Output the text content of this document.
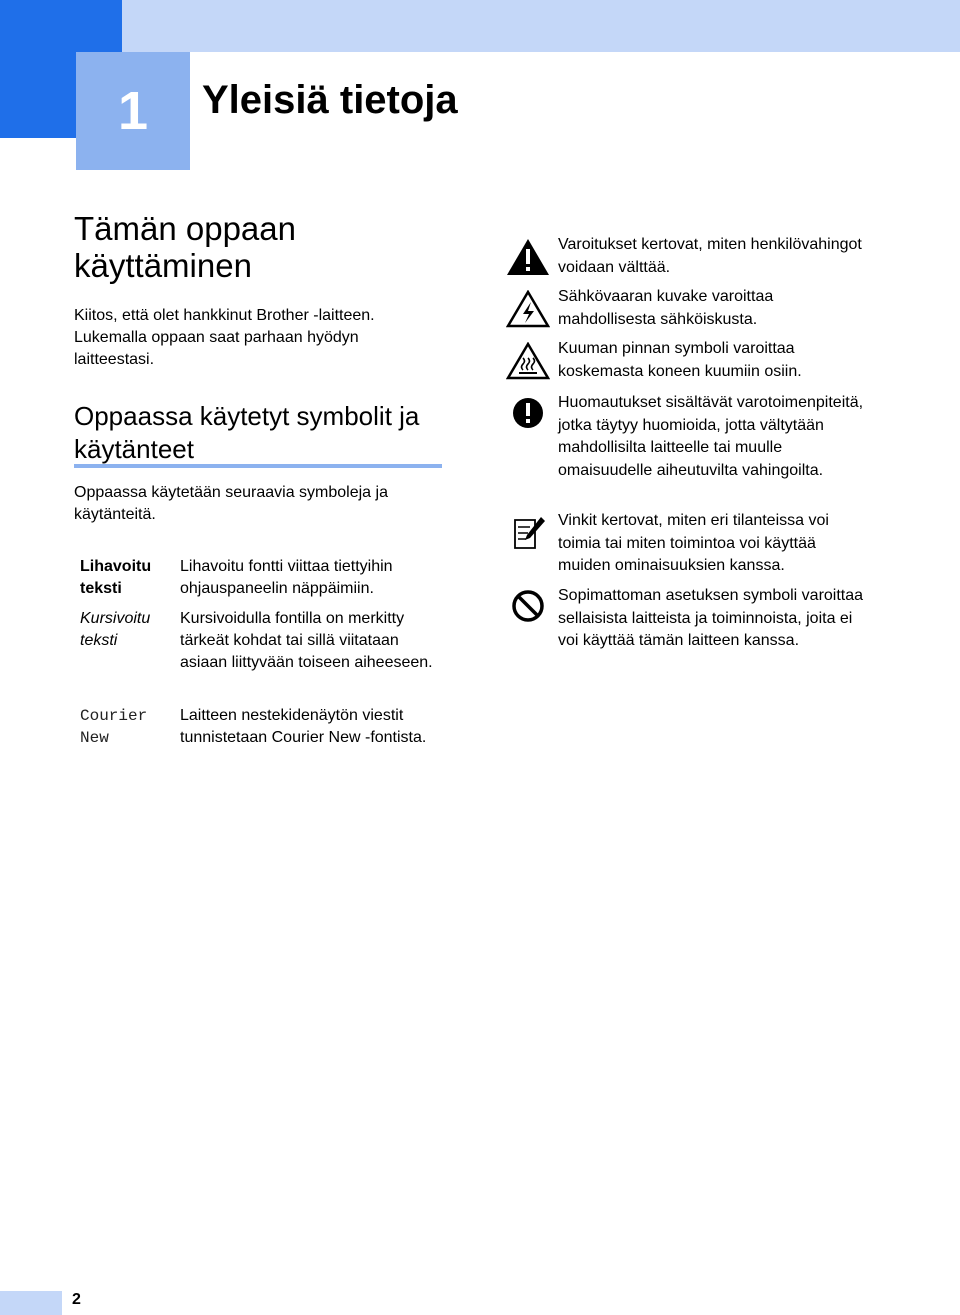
1 Yleisiä tietoja
Tämän oppaan käyttäminen

Kiitos, että olet hankkinut Brother -laitteen. Lukemalla oppaan saat parhaan hyödyn laitteestasi.

Oppaassa käytetyt symbolit ja käytänteet

Oppaassa käytetään seuraavia symboleja ja käytänteitä.

Lihavoitu teksti
Lihavoitu fontti viittaa tiettyihin ohjauspaneelin näppäimiin.
Kursivoitu teksti
Kursivoidulla fontilla on merkitty tärkeät kohdat tai sillä viitataan asiaan liittyvään toiseen aiheeseen.
Courier New
Laitteen nestekidenäytön viestit tunnistetaan Courier New -fontista.
Varoitukset kertovat, miten henkilövahingot voidaan välttää.
Sähkövaaran kuvake varoittaa mahdollisesta sähköiskusta.
Kuuman pinnan symboli varoittaa koskemasta koneen kuumiin osiin.
Huomautukset sisältävät varotoimenpiteitä, jotka täytyy huomioida, jotta vältytään mahdollisilta laitteelle tai muulle omaisuudelle aiheutuvilta vahingoilta.
Vinkit kertovat, miten eri tilanteissa voi toimia tai miten toimintoa voi käyttää muiden ominaisuuksien kanssa.
Sopimattoman asetuksen symboli varoittaa sellaisista laitteista ja toiminnoista, joita ei voi käyttää tämän laitteen kanssa.
2
